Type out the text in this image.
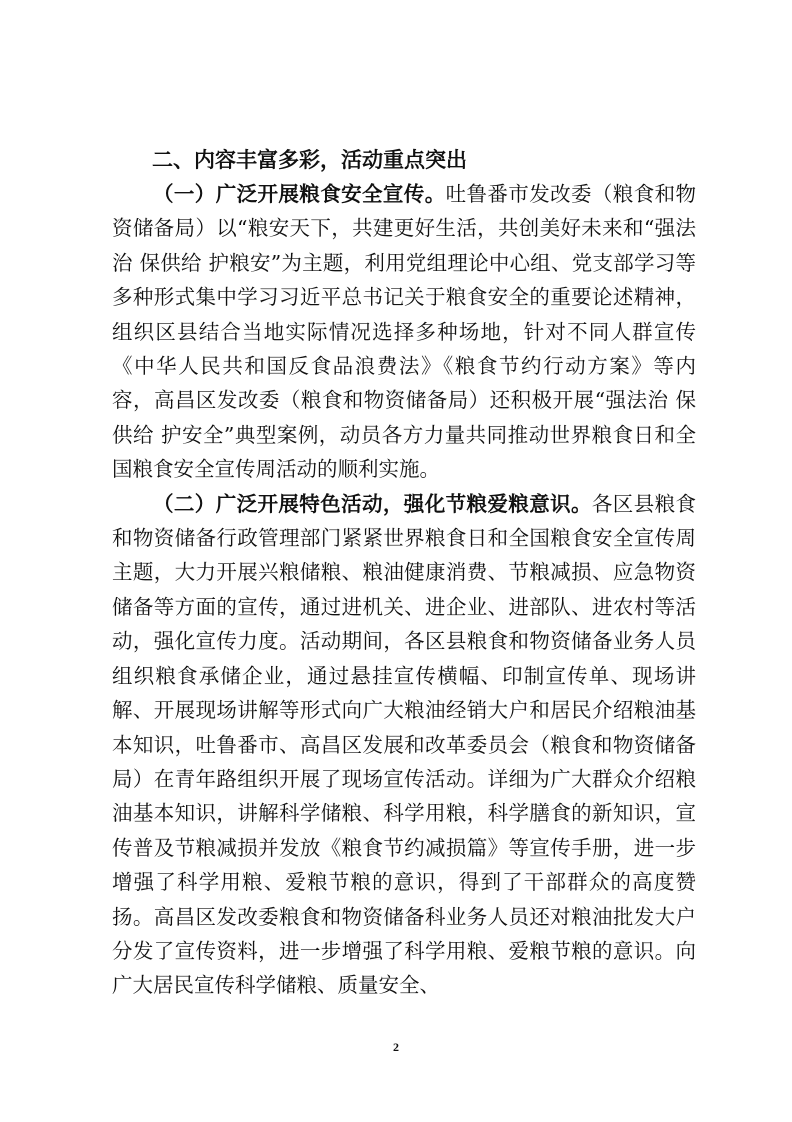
二、内容丰富多彩，活动重点突出

（一）广泛开展粮食安全宣传。吐鲁番市发改委（粮食和物资储备局）以“粮安天下，共建更好生活，共创美好未来和“强法治 保供给 护粮安”为主题，利用党组理论中心组、党支部学习等多种形式集中学习习近平总书记关于粮食安全的重要论述精神，组织区县结合当地实际情况选择多种场地，针对不同人群宣传《中华人民共和国反食品浪费法》《粮食节约行动方案》等内容，高昌区发改委（粮食和物资储备局）还积极开展“强法治 保供给 护安全”典型案例，动员各方力量共同推动世界粮食日和全国粮食安全宣传周活动的顺利实施。

（二）广泛开展特色活动，强化节粮爱粮意识。各区县粮食和物资储备行政管理部门紧紧世界粮食日和全国粮食安全宣传周主题，大力开展兴粮储粮、粮油健康消费、节粮减损、应急物资储备等方面的宣传，通过进机关、进企业、进部队、进农村等活动，强化宣传力度。活动期间，各区县粮食和物资储备业务人员组织粮食承储企业，通过悬挂宣传横幅、印制宣传单、现场讲解、开展现场讲解等形式向广大粮油经销大户和居民介绍粮油基本知识，吐鲁番市、高昌区发展和改革委员会（粮食和物资储备局）在青年路组织开展了现场宣传活动。详细为广大群众介绍粮油基本知识，讲解科学储粮、科学用粮，科学膳食的新知识，宣传普及节粮减损并发放《粮食节约减损篇》等宣传手册，进一步增强了科学用粮、爱粮节粮的意识，得到了干部群众的高度赞扬。高昌区发改委粮食和物资储备科业务人员还对粮油批发大户分发了宣传资料，进一步增强了科学用粮、爱粮节粮的意识。向广大居民宣传科学储粮、质量安全、

2
